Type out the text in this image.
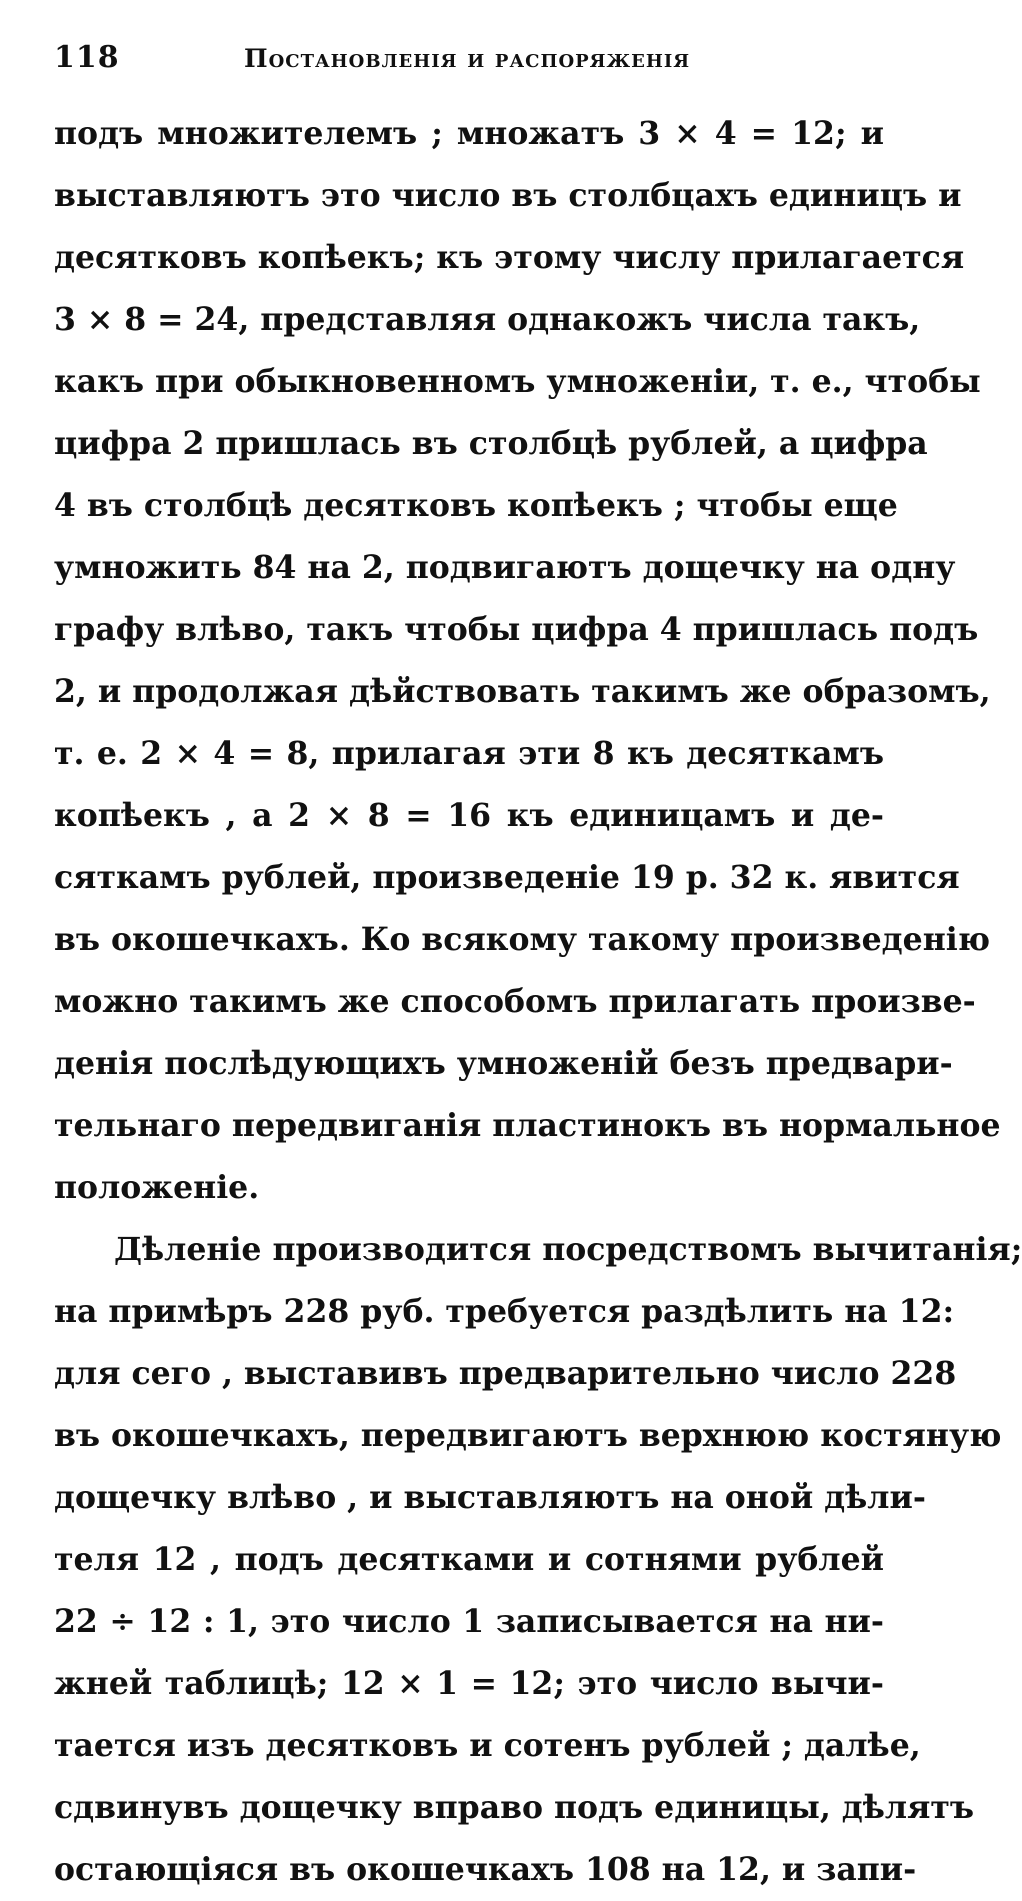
118	Постановленія и распоряженія
подъ множителемъ ; множатъ 3 × 4 = 12; и
выставляютъ это число въ столбцахъ единицъ и
десятковъ копѣекъ; къ этому числу прилагается
3 × 8 = 24, представляя однакожъ числа такъ,
какъ при обыкновенномъ умноженіи, т. е., чтобы
цифра 2 пришлась въ столбцѣ рублей, а цифра
4 въ столбцѣ десятковъ копѣекъ ; чтобы еще
умножить 84 на 2, подвигаютъ дощечку на одну
графу влѣво, такъ чтобы цифра 4 пришлась подъ
2, и продолжая дѣйствовать такимъ же образомъ,
т. е. 2 × 4 = 8, прилагая эти 8 къ десяткамъ
копѣекъ , а 2 × 8 = 16 къ единицамъ и де-
сяткамъ рублей, произведеніе 19 р. 32 к. явится
въ окошечкахъ. Ко всякому такому произведенію
можно такимъ же способомъ прилагать произве-
денія послѣдующихъ умноженій безъ предвари-
тельнаго передвиганія пластинокъ въ нормальное
положеніе.
Дѣленіе производится посредствомъ вычитанія;
на примѣръ 228 руб. требуется раздѣлить на 12:
для сего , выставивъ предварительно число 228
въ окошечкахъ, передвигаютъ верхнюю костяную
дощечку влѣво , и выставляютъ на оной дѣли-
теля 12 , подъ десятками и сотнями рублей
22 ÷ 12 : 1, это число 1 записывается на ни-
жней таблицѣ; 12 × 1 = 12; это число вычи-
тается изъ десятковъ и сотенъ рублей ; далѣе,
сдвинувъ дощечку вправо подъ единицы, дѣлятъ
остающіяся въ окошечкахъ 108 на 12, и запи-
